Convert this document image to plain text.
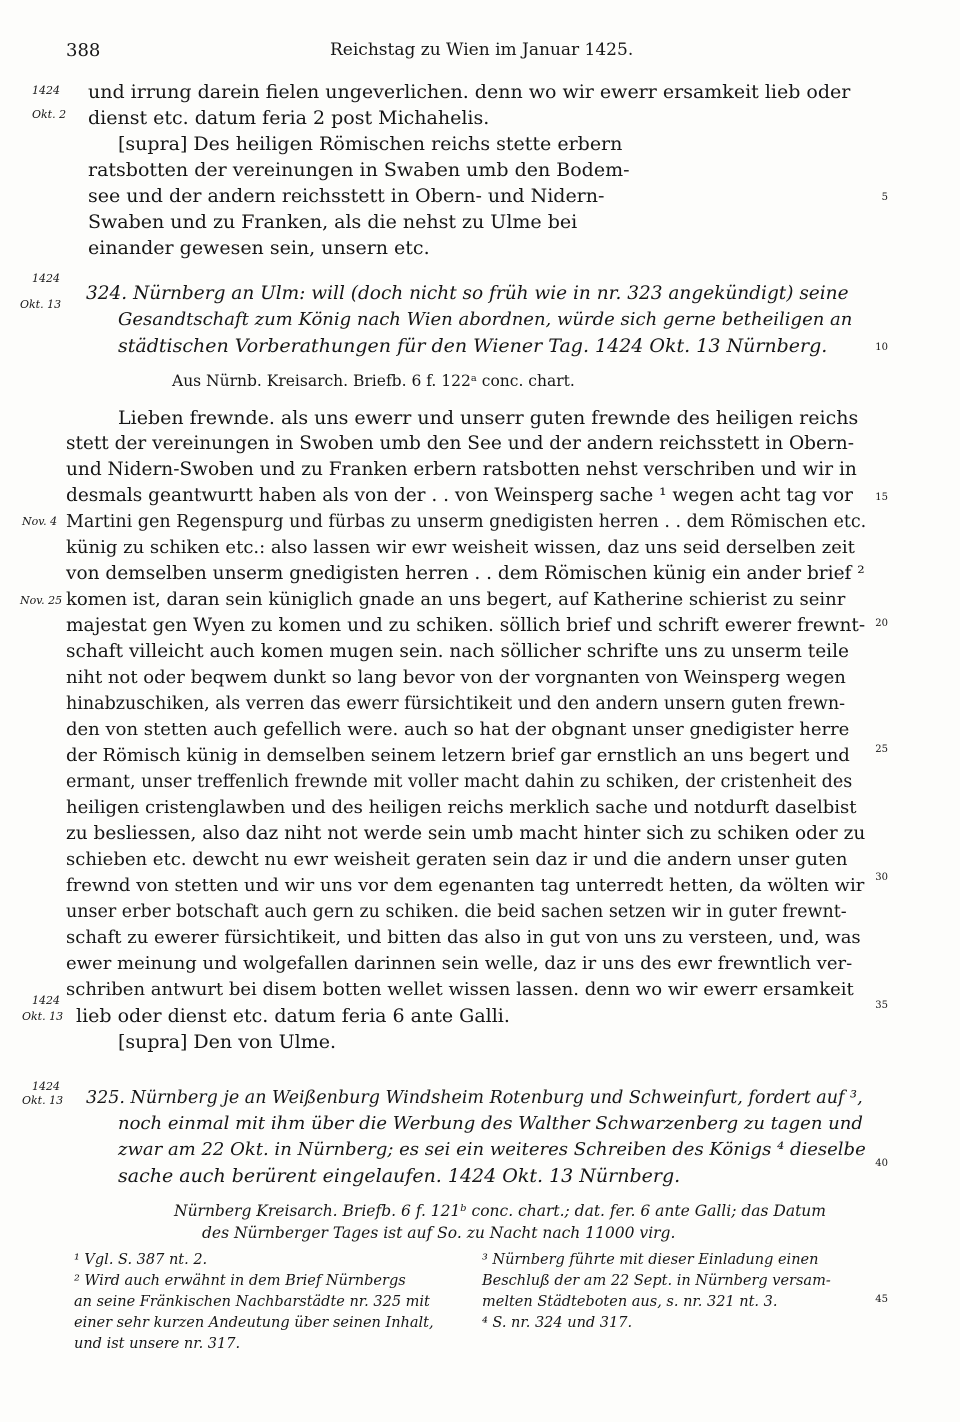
388	Reichstag zu Wien im Januar 1425.
1424
Okt. 2
1424
Okt. 13
Nov. 4
Nov. 25
1424
Okt. 13
1424
Okt. 13
5
10
15
20
25
30
35
40
45
und irrung darein fielen ungeverlichen. denn wo wir ewerr ersamkeit lieb oder
dienst etc. datum feria 2 post Michahelis.
[supra] Des heiligen Römischen reichs stette erbern
ratsbotten der vereinungen in Swaben umb den Bodem-
see und der andern reichsstett in Obern- und Nidern-
Swaben und zu Franken, als die nehst zu Ulme bei
einander gewesen sein, unsern etc.
324. Nürnberg an Ulm: will (doch nicht so früh wie in nr. 323 angekündigt) seine
Gesandtschaft zum König nach Wien abordnen, würde sich gerne betheiligen an
städtischen Vorberathungen für den Wiener Tag. 1424 Okt. 13 Nürnberg.
Aus Nürnb. Kreisarch. Briefb. 6 f. 122ᵃ conc. chart.
Lieben frewnde. als uns ewerr und unserr guten frewnde des heiligen reichs
stett der vereinungen in Swoben umb den See und der andern reichsstett in Obern-
und Nidern-Swoben und zu Franken erbern ratsbotten nehst verschriben und wir in
desmals geantwurtt haben als von der . . von Weinsperg sache ¹ wegen acht tag vor
Martini gen Regenspurg und fürbas zu unserm gnedigisten herren . . dem Römischen etc.
künig zu schiken etc.: also lassen wir ewr weisheit wissen, daz uns seid derselben zeit
von demselben unserm gnedigisten herren . . dem Römischen künig ein ander brief ²
komen ist, daran sein küniglich gnade an uns begert, auf Katherine schierist zu seinr
majestat gen Wyen zu komen und zu schiken. söllich brief und schrift ewerer frewnt-
schaft villeicht auch komen mugen sein. nach söllicher schrifte uns zu unserm teile
niht not oder beqwem dunkt so lang bevor von der vorgnanten von Weinsperg wegen
hinabzuschiken, als verren das ewerr fürsichtikeit und den andern unsern guten frewn-
den von stetten auch gefellich were. auch so hat der obgnant unser gnedigister herre
der Römisch künig in demselben seinem letzern brief gar ernstlich an uns begert und
ermant, unser treffenlich frewnde mit voller macht dahin zu schiken, der cristenheit des
heiligen cristenglawben und des heiligen reichs merklich sache und notdurft daselbist
zu besliessen, also daz niht not werde sein umb macht hinter sich zu schiken oder zu
schieben etc. dewcht nu ewr weisheit geraten sein daz ir und die andern unser guten
frewnd von stetten und wir uns vor dem egenanten tag unterredt hetten, da wölten wir
unser erber botschaft auch gern zu schiken. die beid sachen setzen wir in guter frewnt-
schaft zu ewerer fürsichtikeit, und bitten das also in gut von uns zu versteen, und, was
ewer meinung und wolgefallen darinnen sein welle, daz ir uns des ewr frewntlich ver-
schriben antwurt bei disem botten wellet wissen lassen. denn wo wir ewerr ersamkeit
lieb oder dienst etc. datum feria 6 ante Galli.
[supra] Den von Ulme.
325. Nürnberg je an Weißenburg Windsheim Rotenburg und Schweinfurt, fordert auf ³,
noch einmal mit ihm über die Werbung des Walther Schwarzenberg zu tagen und
zwar am 22 Okt. in Nürnberg; es sei ein weiteres Schreiben des Königs ⁴ dieselbe
sache auch berürent eingelaufen. 1424 Okt. 13 Nürnberg.
Nürnberg Kreisarch. Briefb. 6 f. 121ᵇ conc. chart.; dat. fer. 6 ante Galli; das Datum
des Nürnberger Tages ist auf So. zu Nacht nach 11000 virg.
¹ Vgl. S. 387 nt. 2.
² Wird auch erwähnt in dem Brief Nürnbergs
an seine Fränkischen Nachbarstädte nr. 325 mit
einer sehr kurzen Andeutung über seinen Inhalt,
und ist unsere nr. 317.
³ Nürnberg führte mit dieser Einladung einen
Beschluß der am 22 Sept. in Nürnberg versam-
melten Städteboten aus, s. nr. 321 nt. 3.
⁴ S. nr. 324 und 317.
